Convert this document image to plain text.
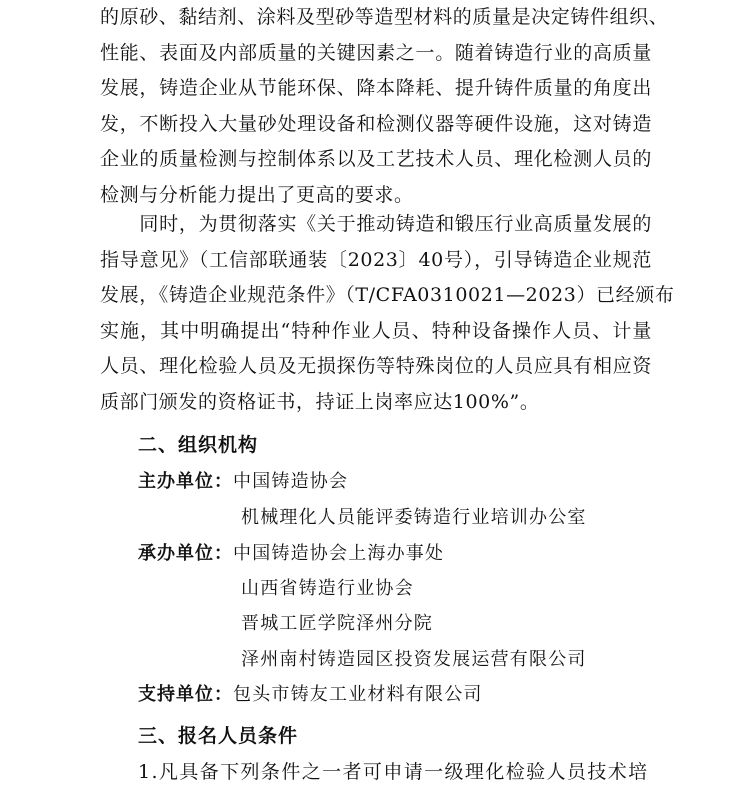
的原砂、黏结剂、涂料及型砂等造型材料的质量是决定铸件组织、
性能、表面及内部质量的关键因素之一。随着铸造行业的高质量
发展，铸造企业从节能环保、降本降耗、提升铸件质量的角度出
发，不断投入大量砂处理设备和检测仪器等硬件设施，这对铸造
企业的质量检测与控制体系以及工艺技术人员、理化检测人员的
检测与分析能力提出了更高的要求。
　　同时，为贯彻落实《关于推动铸造和锻压行业高质量发展的
指导意见》（工信部联通装〔2023〕40号），引导铸造企业规范
发展，《铸造企业规范条件》（T/CFA0310021—2023）已经颁布
实施，其中明确提出“特种作业人员、特种设备操作人员、计量
人员、理化检验人员及无损探伤等特殊岗位的人员应具有相应资
质部门颁发的资格证书，持证上岗率应达100%”。
二、组织机构
主办单位：中国铸造协会
机械理化人员能评委铸造行业培训办公室
承办单位：中国铸造协会上海办事处
山西省铸造行业协会
晋城工匠学院泽州分院
泽州南村铸造园区投资发展运营有限公司
支持单位：包头市铸友工业材料有限公司
三、报名人员条件
1.凡具备下列条件之一者可申请一级理化检验人员技术培
